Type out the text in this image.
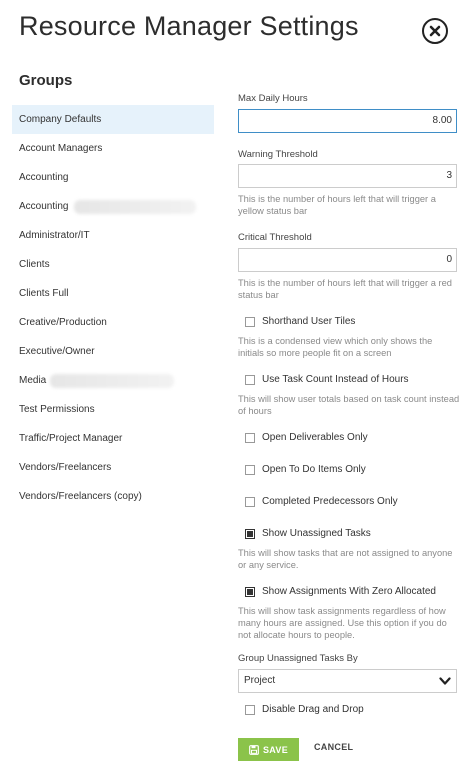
Resource Manager Settings
Groups
Company Defaults
Account Managers
Accounting
Accounting
Administrator/IT
Clients
Clients Full
Creative/Production
Executive/Owner
Media
Test Permissions
Traffic/Project Manager
Vendors/Freelancers
Vendors/Freelancers (copy)
Max Daily Hours
8.00
Warning Threshold
3
This is the number of hours left that will trigger a yellow status bar
Critical Threshold
0
This is the number of hours left that will trigger a red status bar
Shorthand User Tiles
This is a condensed view which only shows the initials so more people fit on a screen
Use Task Count Instead of Hours
This will show user totals based on task count instead of hours
Open Deliverables Only
Open To Do Items Only
Completed Predecessors Only
Show Unassigned Tasks
This will show tasks that are not assigned to anyone or any service.
Show Assignments With Zero Allocated
This will show task assignments regardless of how many hours are assigned. Use this option if you do not allocate hours to people.
Group Unassigned Tasks By
Project
Disable Drag and Drop
SAVE	CANCEL
